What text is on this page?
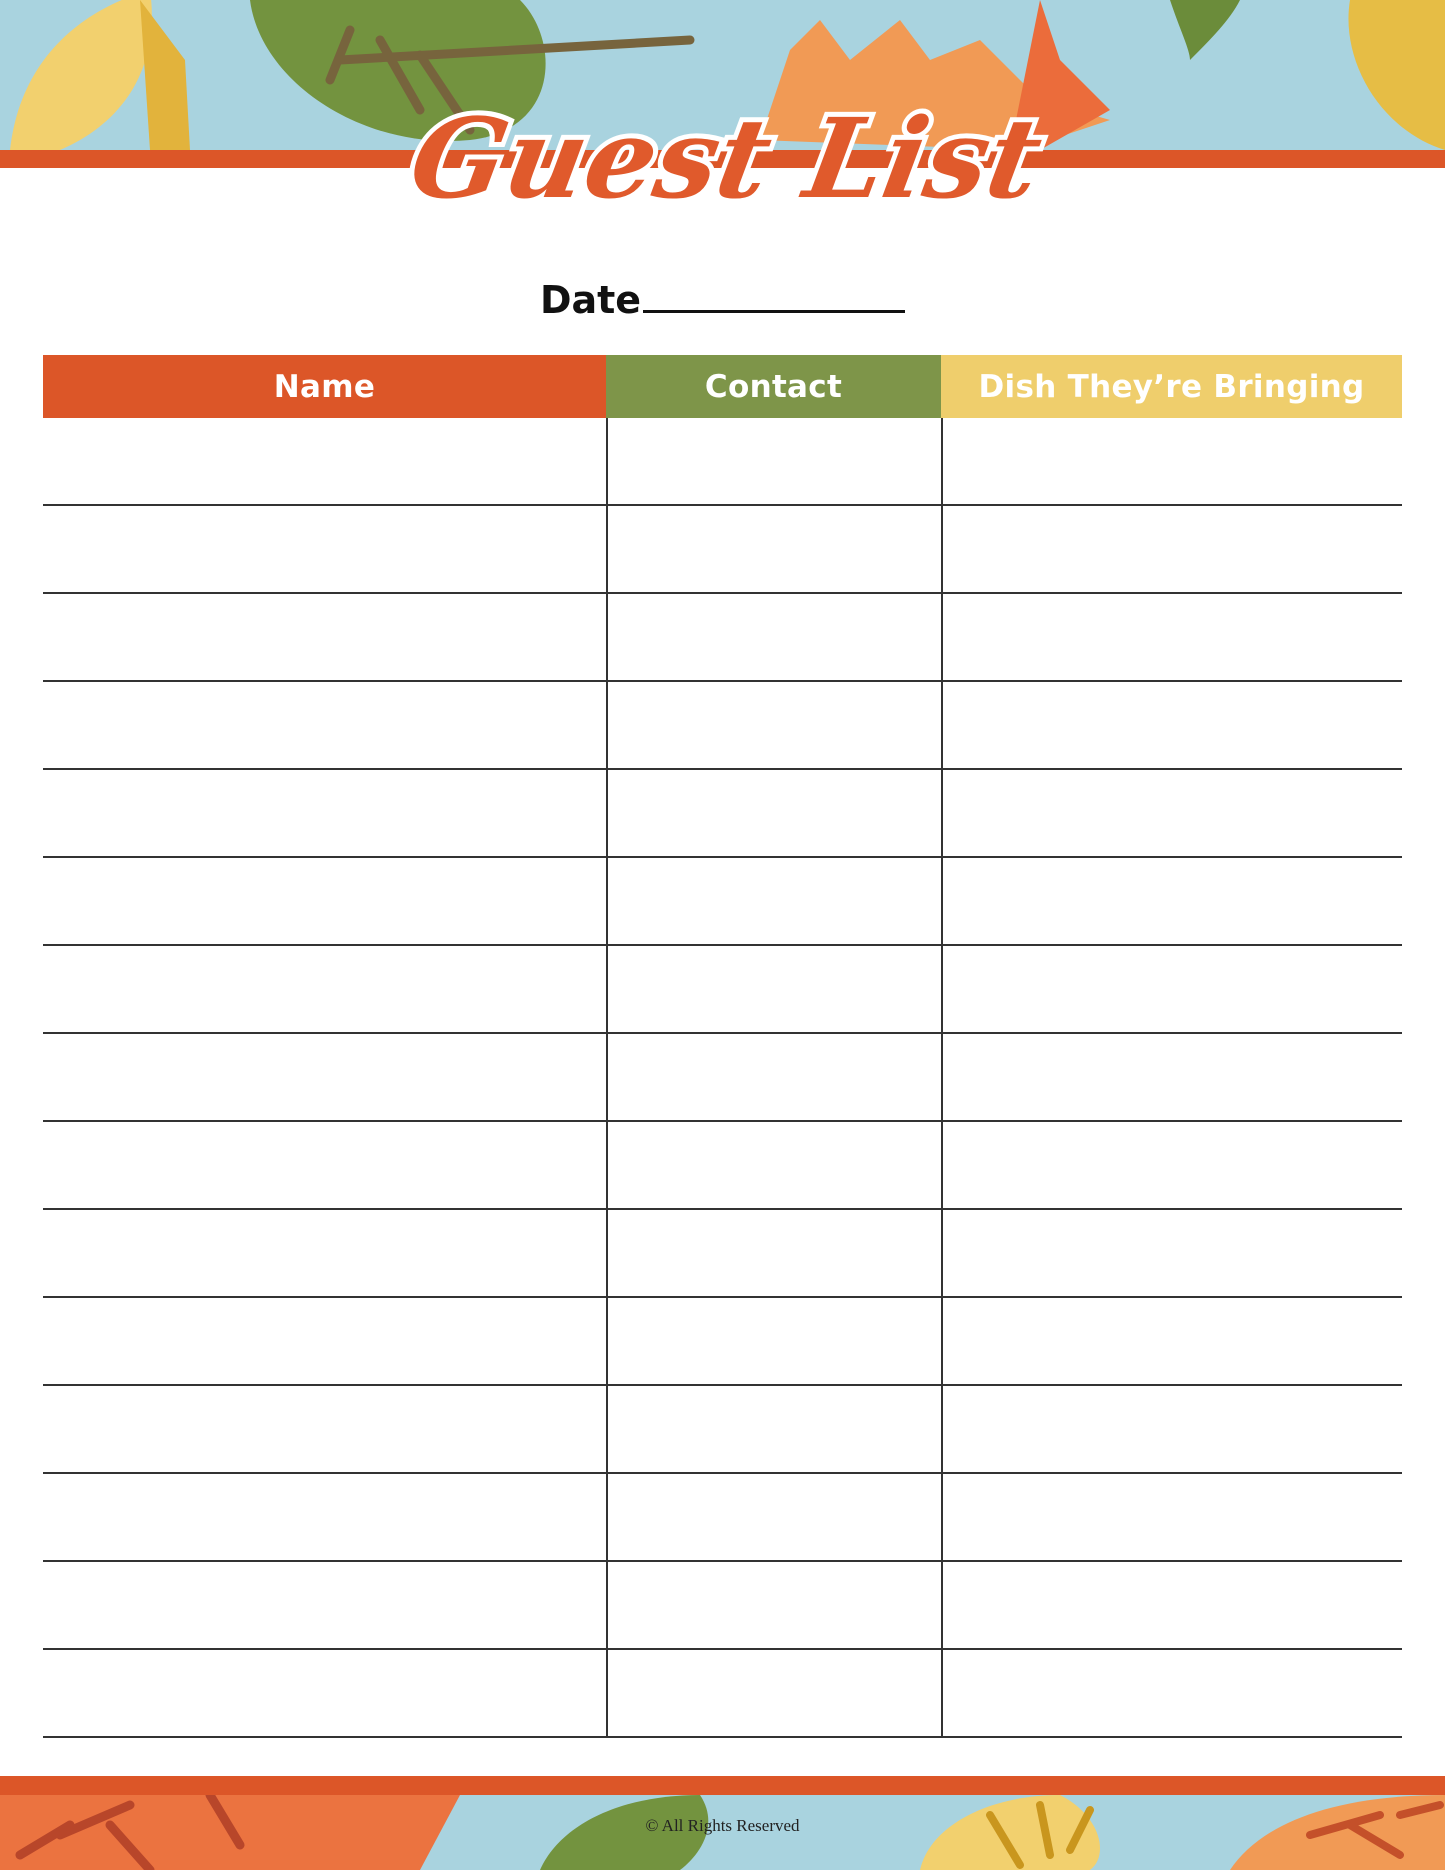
Guest List
Date
Name	Contact	Dish They’re Bringing
© All Rights Reserved
